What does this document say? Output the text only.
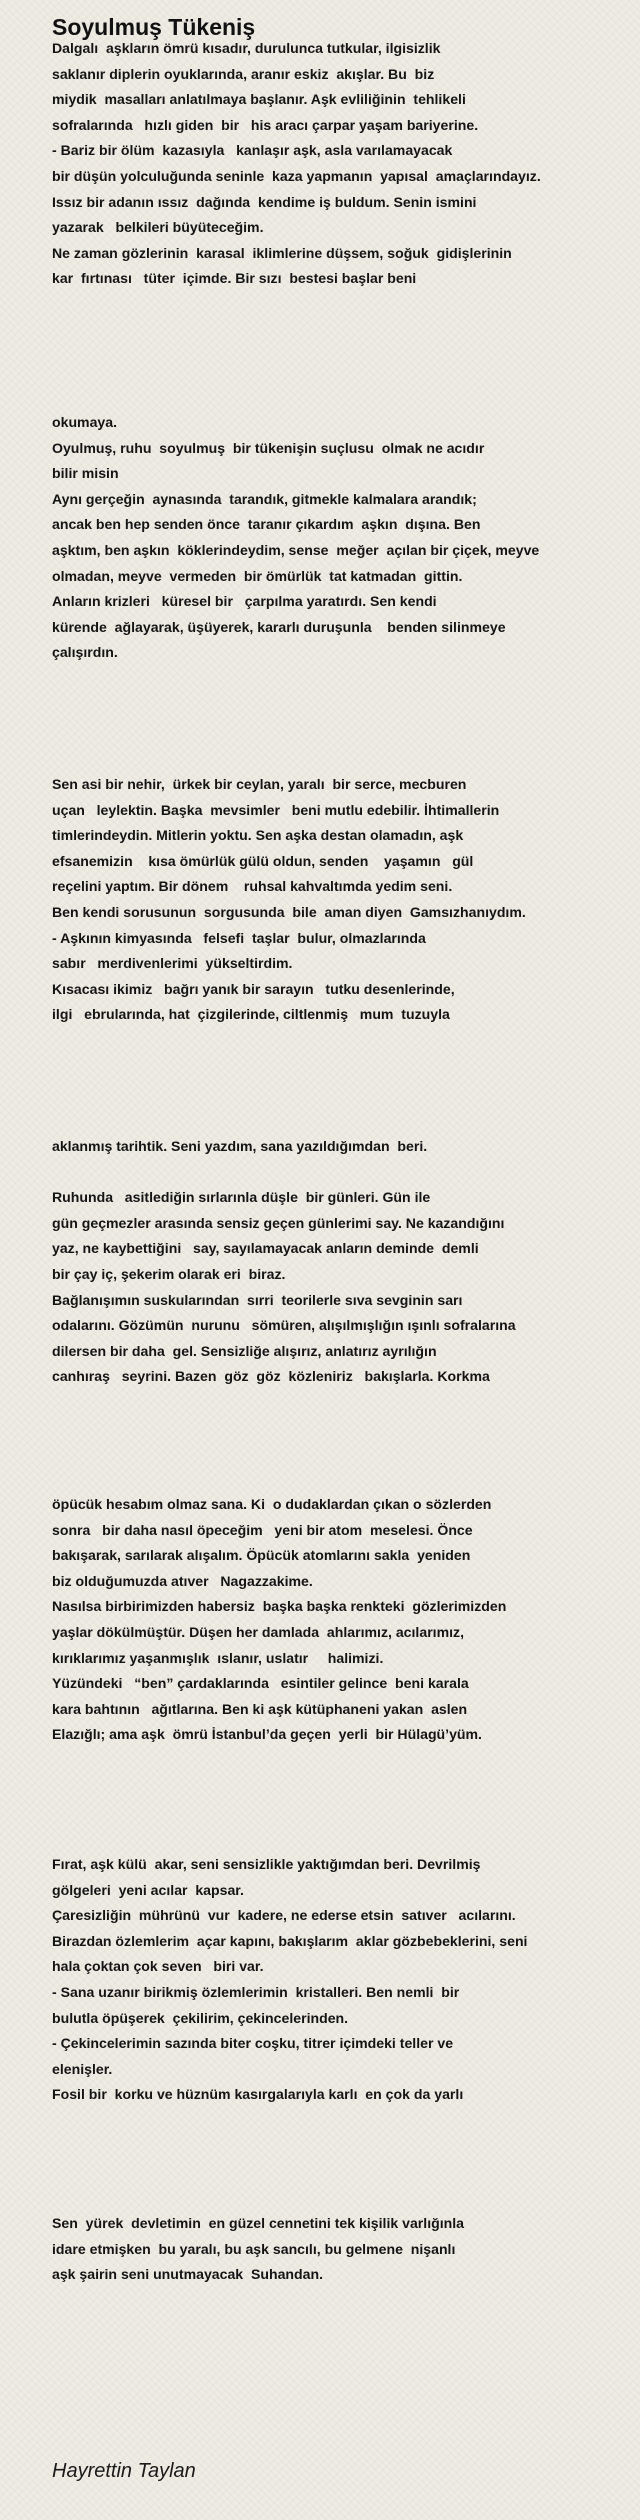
Soyulmuş Tükeniş
Dalgalı  aşkların ömrü kısadır, durulunca tutkular, ilgisizlik
saklanır diplerin oyuklarında, aranır eskiz  akışlar. Bu  biz
miydik  masalları anlatılmaya başlanır. Aşk evliliğinin  tehlikeli
sofralarında   hızlı giden  bir   his aracı çarpar yaşam bariyerine.
- Bariz bir ölüm  kazasıyla   kanlaşır aşk, asla varılamayacak
bir düşün yolculuğunda seninle  kaza yapmanın  yapısal  amaçlarındayız.
Issız bir adanın ıssız  dağında  kendime iş buldum. Senin ismini
yazarak   belkileri büyüteceğim.
Ne zaman gözlerinin  karasal  iklimlerine düşsem, soğuk  gidişlerinin
kar  fırtınası   tüter  içimde. Bir sızı  bestesi başlar beni
okumaya.
Oyulmuş, ruhu  soyulmuş  bir tükenişin suçlusu  olmak ne acıdır
bilir misin
Aynı gerçeğin  aynasında  tarandık, gitmekle kalmalara arandık;
ancak ben hep senden önce  taranır çıkardım  aşkın  dışına. Ben
aşktım, ben aşkın  köklerindeydim, sense  meğer  açılan bir çiçek, meyve
olmadan, meyve  vermeden  bir ömürlük  tat katmadan  gittin.
Anların krizleri   küresel bir   çarpılma yaratırdı. Sen kendi
kürende  ağlayarak, üşüyerek, kararlı duruşunla    benden silinmeye
çalışırdın.
Sen asi bir nehir,  ürkek bir ceylan, yaralı  bir serce, mecburen
uçan   leylektin. Başka  mevsimler   beni mutlu edebilir. İhtimallerin
timlerindeydin. Mitlerin yoktu. Sen aşka destan olamadın, aşk
efsanemizin    kısa ömürlük gülü oldun, senden    yaşamın   gül
reçelini yaptım. Bir dönem    ruhsal kahvaltımda yedim seni.
Ben kendi sorusunun  sorgusunda  bile  aman diyen  Gamsızhanıydım.
- Aşkının kimyasında   felsefi  taşlar  bulur, olmazlarında
sabır   merdivenlerimi  yükseltirdim.
Kısacası ikimiz   bağrı yanık bir sarayın   tutku desenlerinde,
ilgi   ebrularında, hat  çizgilerinde, ciltlenmiş   mum  tuzuyla
aklanmış tarihtik. Seni yazdım, sana yazıldığımdan  beri.

Ruhunda   asitlediğin sırlarınla düşle  bir günleri. Gün ile
gün geçmezler arasında sensiz geçen günlerimi say. Ne kazandığını
yaz, ne kaybettiğini   say, sayılamayacak anların deminde  demli
bir çay iç, şekerim olarak eri  biraz.
Bağlanışımın suskularından  sırri  teorilerle sıva sevginin sarı
odalarını. Gözümün  nurunu   sömüren, alışılmışlığın ışınlı sofralarına
dilersen bir daha  gel. Sensizliğe alışırız, anlatırız ayrılığın
canhıraş   seyrini. Bazen  göz  göz  közleniriz   bakışlarla. Korkma
öpücük hesabım olmaz sana. Ki  o dudaklardan çıkan o sözlerden
sonra   bir daha nasıl öpeceğim   yeni bir atom  meselesi. Önce
bakışarak, sarılarak alışalım. Öpücük atomlarını sakla  yeniden
biz olduğumuzda atıver   Nagazzakime.
Nasılsa birbirimizden habersiz  başka başka renkteki  gözlerimizden
yaşlar dökülmüştür. Düşen her damlada  ahlarımız, acılarımız,
kırıklarımız yaşanmışlık  ıslanır, uslatır     halimizi.
Yüzündeki   “ben” çardaklarında   esintiler gelince  beni karala
kara bahtının   ağıtlarına. Ben ki aşk kütüphaneni yakan  aslen
Elazığlı; ama aşk  ömrü İstanbul’da geçen  yerli  bir Hülagü’yüm.
Fırat, aşk külü  akar, seni sensizlikle yaktığımdan beri. Devrilmiş
gölgeleri  yeni acılar  kapsar.
Çaresizliğin  mührünü  vur  kadere, ne ederse etsin  satıver   acılarını.
Birazdan özlemlerim  açar kapını, bakışlarım  aklar gözbebeklerini, seni
hala çoktan çok seven   biri var.
- Sana uzanır birikmiş özlemlerimin  kristalleri. Ben nemli  bir
bulutla öpüşerek  çekilirim, çekincelerinden.
- Çekincelerimin sazında biter coşku, titrer içimdeki teller ve
elenişler.
Fosil bir  korku ve hüznüm kasırgalarıyla karlı  en çok da yarlı
Sen  yürek  devletimin  en güzel cennetini tek kişilik varlığınla
idare etmişken  bu yaralı, bu aşk sancılı, bu gelmene  nişanlı
aşk şairin seni unutmayacak  Suhandan.
Hayrettin Taylan
